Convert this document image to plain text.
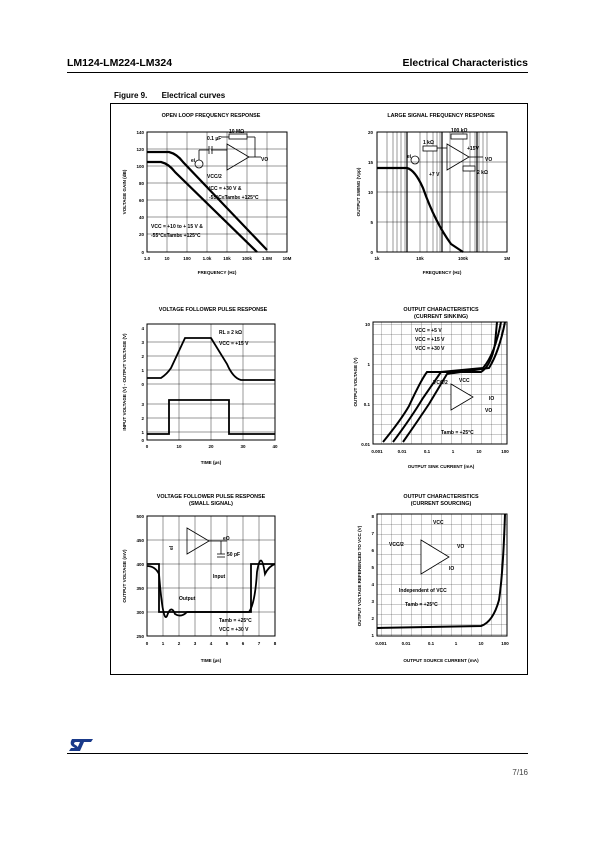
LM124-LM224-LM324	Electrical Characteristics
Figure 9. Electrical curves
OPEN LOOP FREQUENCY RESPONSE
0.1 µF
10 MΩ
ei	VO
VCC/2
VCC = +30 V &
-55°C≤Tamb≤ +125°C
VCC = +10 to + 15 V &
-55°C≤Tamb≤ +125°C
140
120
100
80
60
40
20
0
1.0	10	100	1.0k	10k 100k 1.0M 10M
FREQUENCY (Hz)
VOLTAGE GAIN (dB)
LARGE SIGNAL FREQUENCY RESPONSE
1 kΩ
100 kΩ
+15V
ei	VO
+7 V	2 kΩ
20
15
10
5
0
1k	10k	100k	1M
FREQUENCY (Hz)
OUTPUT SWING (Vpp)
VOLTAGE FOLLOWER PULSE RESPONSE
RL ≥ 2 kΩ
VCC = +15 V
4
3
2
1
0
3
2
1
0
0	10	20	30	40
TIME (µs)
INPUT VOLTAGE (V) - OUTPUT VOLTAGE (V)
OUTPUT CHARACTERISTICS
(CURRENT SINKING)
VCC = +5 V
VCC = +15 V
VCC = +30 V
VCC/2 VCC
IO
VO
Tamb = +25°C
10
1
0.1
0.01
0.001	0.01	0.1	1	10	100
OUTPUT SINK CURRENT (mA)
OUTPUT VOLTAGE (V)
VOLTAGE FOLLOWER PULSE RESPONSE
(SMALL SIGNAL)
eO
50 pF
Input
Output
Tamb = +25°C
VCC = +30 V
el
500
450
400
350
300
250
0	1	2	3	4	5	6	7	8
TIME (µs)
OUTPUT VOLTAGE (mV)
OUTPUT CHARACTERISTICS
(CURRENT SOURCING)
VCC
VCC/2	VO
IO
Independent of VCC
Tamb = +25°C
8
7
6
5
4
3
2
1
0.001	0.01	0.1	1	10	100
OUTPUT SOURCE CURRENT (mA)
OUTPUT VOLTAGE REFERENCED TO VCC (V)
7/16
